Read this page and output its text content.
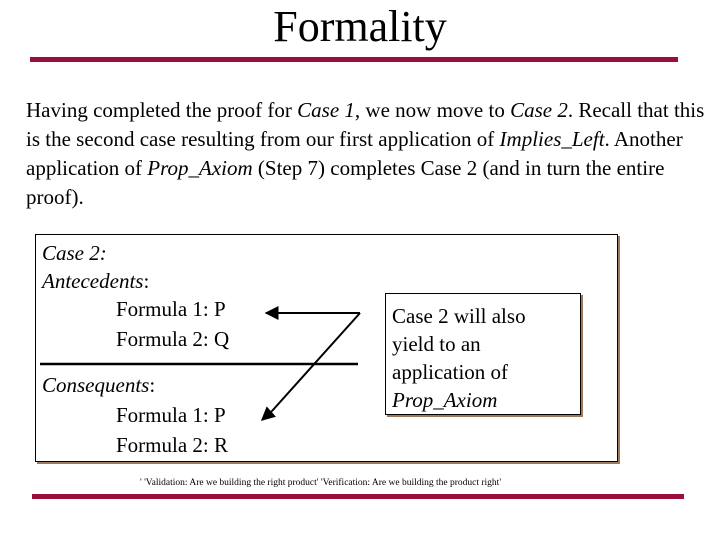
Formality
Having completed the proof for Case 1, we now move to Case 2. Recall that this is the second case resulting from our first application of Implies_Left. Another application of Prop_Axiom (Step 7) completes Case 2 (and in turn the entire proof).
Case 2:
Antecedents:
Formula 1: P
Formula 2: Q
Consequents:
Formula 1: P
Formula 2: R
Case 2 will also
yield to an
application of
Prop_Axiom
' 'Validation: Are we building the right product' 'Verification: Are we building the product right'
